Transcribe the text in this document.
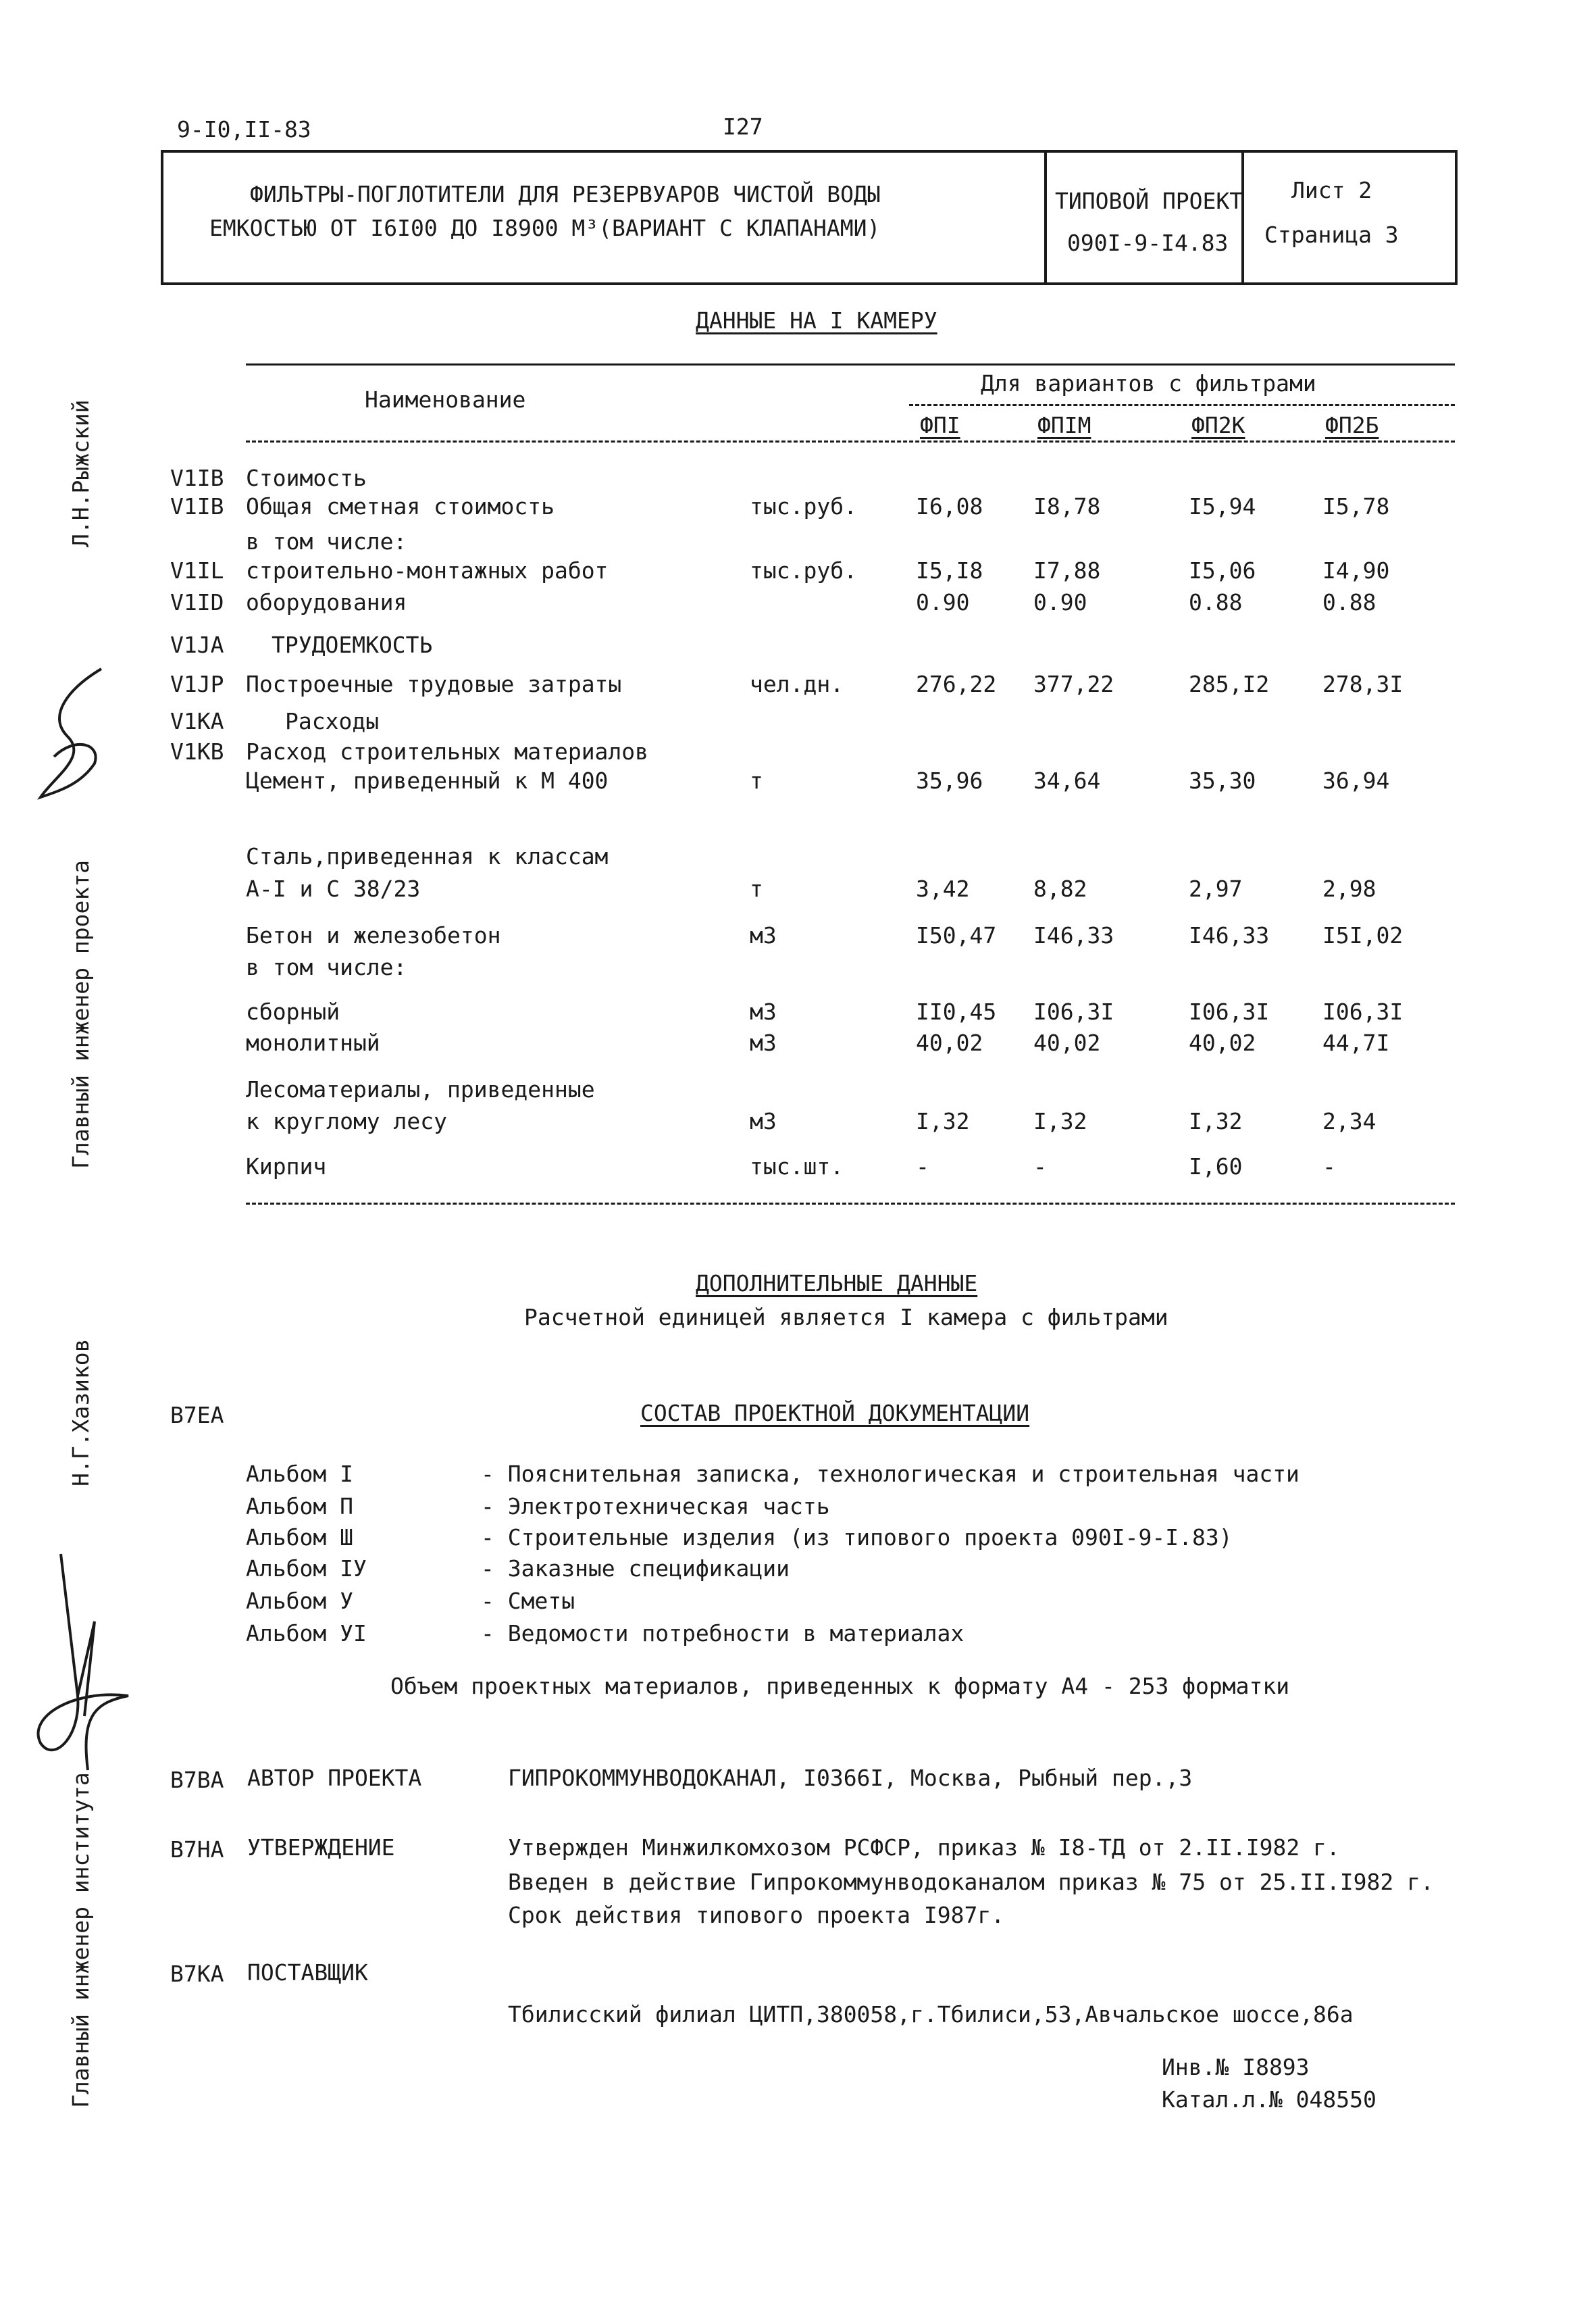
9-I0,II-83	I27
ФИЛЬТРЫ-ПОГЛОТИТЕЛИ ДЛЯ РЕЗЕРВУАРОВ ЧИСТОЙ ВОДЫ
ЕМКОСТЬЮ ОТ I6I00 ДО I8900 М³(ВАРИАНТ С КЛАПАНАМИ)
ТИПОВОЙ ПРОЕКТ
090I-9-I4.83
Лист 2
Страница 3
Л.Н.Рыжский
Главный инженер проекта
Н.Г.Хазиков
Главный инженер института
ДАННЫЕ НА I КАМЕРУ
Наименование
Для вариантов с фильтрами
ФПI	ФПIМ	ФП2К	ФП2Б
V1IB Стоимость
V1IB Общая сметная стоимость	тыс.руб.	I6,08 I8,78	I5,94	I5,78
в том числе:
V1IL строительно-монтажных работ	тыс.руб.	I5,I8 I7,88	I5,06	I4,90
V1ID оборудования	0.90	0.90	0.88	0.88
V1JA ТРУДОЕМКОСТЬ
V1JP Построечные трудовые затраты	чел.дн.	276,22 377,22	285,I2 278,3I
V1KA	Расходы
V1KB Расход строительных материалов
Цемент, приведенный к М 400	т	35,96 34,64	35,30	36,94
Сталь,приведенная к классам
А-I и С 38/23	т	3,42	8,82	2,97	2,98
Бетон и железобетон	м3	I50,47 I46,33	I46,33 I5I,02
в том числе:
сборный	м3	II0,45 I06,3I	I06,3I I06,3I
монолитный	м3	40,02 40,02	40,02	44,7I
Лесоматериалы, приведенные
к круглому лесу	м3	I,32	I,32	I,32	2,34
Кирпич	тыс.шт.	-	-	I,60	-
ДОПОЛНИТЕЛЬНЫЕ ДАННЫЕ
Расчетной единицей является I камера с фильтрами
B7EA	СОСТАВ ПРОЕКТНОЙ ДОКУМЕНТАЦИИ
Альбом I	- Пояснительная записка, технологическая и строительная части
Альбом П	- Электротехническая часть
Альбом Ш	- Строительные изделия (из типового проекта 090I-9-I.83)
Альбом IУ	- Заказные спецификации
Альбом У	- Сметы
Альбом УI	- Ведомости потребности в материалах
Объем проектных материалов, приведенных к формату А4 - 253 форматки
B7BA АВТОР ПРОЕКТА	ГИПРОКОММУНВОДОКАНАЛ, I0366I, Москва, Рыбный пер.,3
B7HA УТВЕРЖДЕНИЕ	Утвержден Минжилкомхозом РСФСР, приказ № I8-ТД от 2.II.I982 г.
Введен в действие Гипрокоммунводоканалом приказ № 75 от 25.II.I982 г.
Срок действия типового проекта I987г.
B7KA ПОСТАВЩИК
Тбилисский филиал ЦИТП,380058,г.Тбилиси,53,Авчальское шоссе,86а
Инв.№ I8893
Катал.л.№ 048550
